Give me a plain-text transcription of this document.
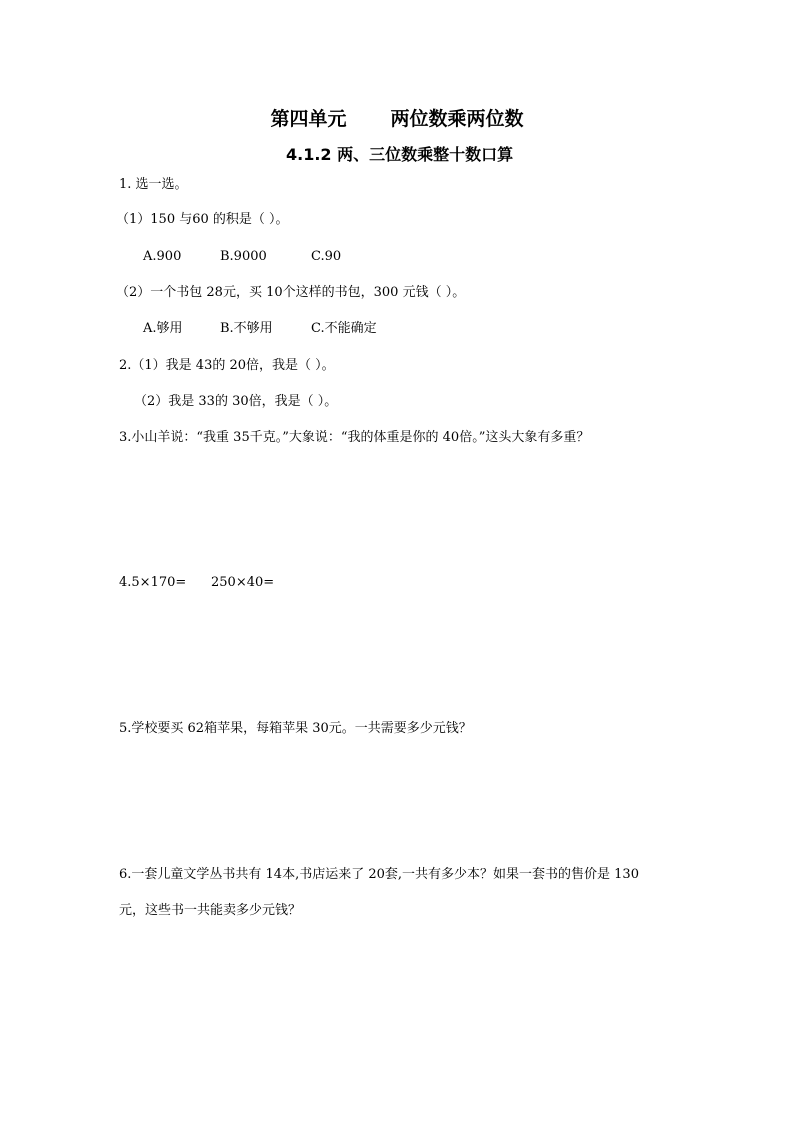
第四单元 两位数乘两位数
4.1.2 两、三位数乘整十数口算
1. 选一选。
（1）150 与60 的积是（ ）。
A.900	B.9000	C.90
（2）一个书包 28元，买 10个这样的书包，300 元钱（ ）。
A.够用	B.不够用	C.不能确定
2.（1）我是 43的 20倍，我是（ ）。
（2）我是 33的 30倍，我是（ ）。
3.小山羊说：“我重 35千克。”大象说：“我的体重是你的 40倍。”这头大象有多重？
4.5×170= 250×40=
5.学校要买 62箱苹果，每箱苹果 30元。一共需要多少元钱？
6.一套儿童文学丛书共有 14本,书店运来了 20套,一共有多少本？如果一套书的售价是 130
元，这些书一共能卖多少元钱？
